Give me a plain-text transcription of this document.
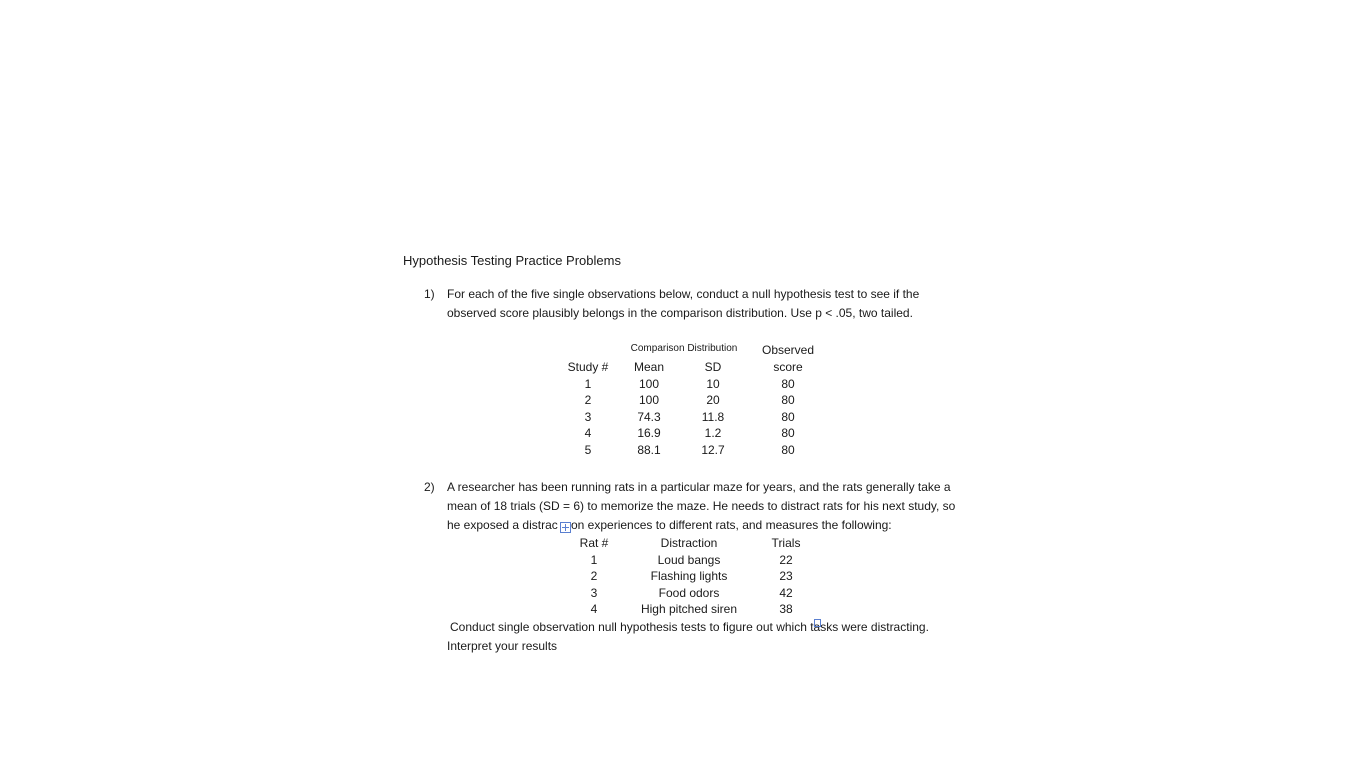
Hypothesis Testing Practice Problems
1) For each of the five single observations below, conduct a null hypothesis test to see if the
observed score plausibly belongs in the comparison distribution. Use p < .05, two tailed.
Comparison Distribution Observed
Study # Mean	SD	score
1	100	10	80
2	100	20	80
3	74.3	11.8	80
4	16.9	1.2	80
5	88.1	12.7	80
2) A researcher has been running rats in a particular maze for years, and the rats generally take a
mean of 18 trials (SD = 6) to memorize the maze. He needs to distract rats for his next study, so
he exposed a distrac on experiences to different rats, and measures the following:
Rat #	Distraction	Trials
1	Loud bangs	22
2	Flashing lights	23
3	Food odors	42
4	High pitched siren	38
Conduct single observation null hypothesis tests to figure out which tasks were distracting.
Interpret your results
